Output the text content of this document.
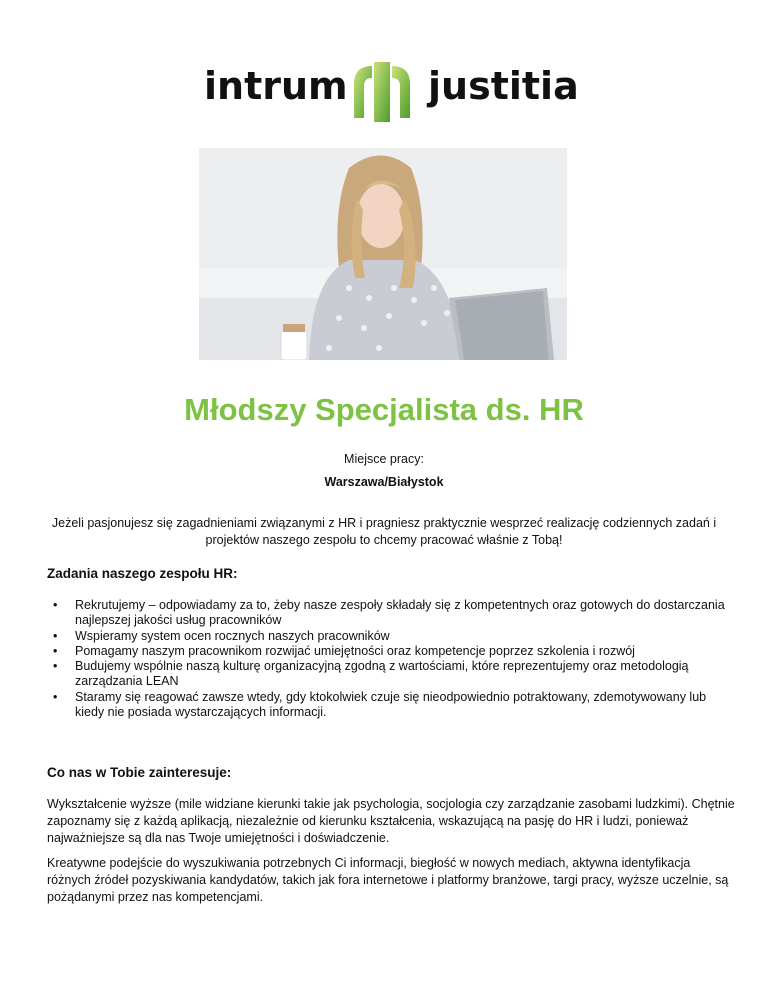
intrum justitia
Młodszy Specjalista ds. HR
Miejsce pracy:
Warszawa/Białystok
Jeżeli pasjonujesz się zagadnieniami związanymi z HR i pragniesz praktycznie wesprzeć realizację codziennych zadań i projektów naszego zespołu to chcemy pracować właśnie z Tobą!
Zadania naszego zespołu HR:
• Rekrutujemy – odpowiadamy za to, żeby nasze zespoły składały się z kompetentnych oraz gotowych do dostarczania najlepszej jakości usług pracowników
• Wspieramy system ocen rocznych naszych pracowników
• Pomagamy naszym pracownikom rozwijać umiejętności oraz kompetencje poprzez szkolenia i rozwój
• Budujemy wspólnie naszą kulturę organizacyjną zgodną z wartościami, które reprezentujemy oraz metodologią zarządzania LEAN
• Staramy się reagować zawsze wtedy, gdy ktokolwiek czuje się nieodpowiednio potraktowany, zdemotywowany lub kiedy nie posiada wystarczających informacji.
Co nas w Tobie zainteresuje:

Wykształcenie wyższe (mile widziane kierunki takie jak psychologia, socjologia czy zarządzanie zasobami ludzkimi). Chętnie zapoznamy się z każdą aplikacją, niezależnie od kierunku kształcenia, wskazującą na pasję do HR i ludzi, ponieważ najważniejsze są dla nas Twoje umiejętności i doświadczenie.

Kreatywne podejście do wyszukiwania potrzebnych Ci informacji, biegłość w nowych mediach, aktywna identyfikacja różnych źródeł pozyskiwania kandydatów, takich jak fora internetowe i platformy branżowe, targi pracy, wyższe uczelnie, są pożądanymi przez nas kompetencjami.
